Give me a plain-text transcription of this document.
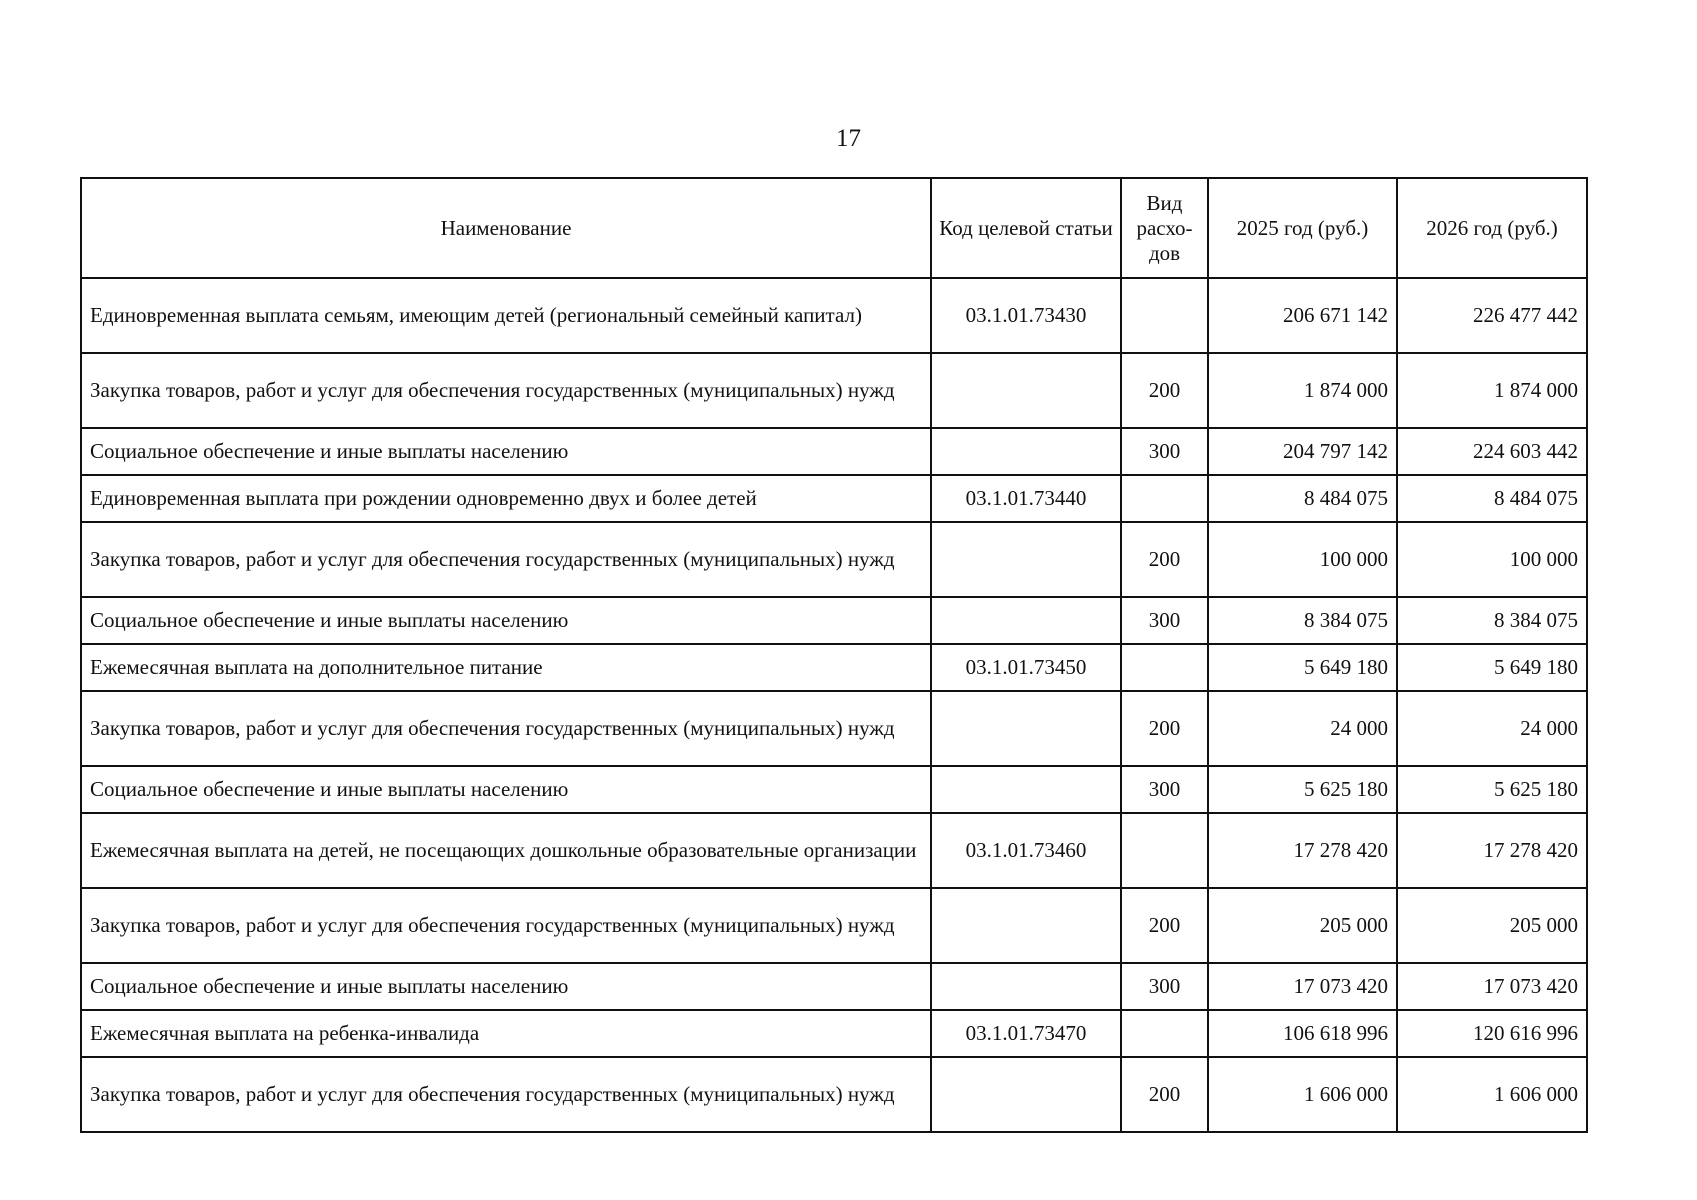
17
Наименование	Код целевой статьи	Вид расхо-дов	2025 год (руб.)	2026 год (руб.)
Единовременная выплата семьям, имеющим детей (региональный семейный капитал)	03.1.01.73430		206 671 142	226 477 442
Закупка товаров, работ и услуг для обеспечения государственных (муниципальных) нужд		200	1 874 000	1 874 000
Социальное обеспечение и иные выплаты населению		300	204 797 142	224 603 442
Единовременная выплата при рождении одновременно двух и более детей	03.1.01.73440		8 484 075	8 484 075
Закупка товаров, работ и услуг для обеспечения государственных (муниципальных) нужд		200	100 000	100 000
Социальное обеспечение и иные выплаты населению		300	8 384 075	8 384 075
Ежемесячная выплата на дополнительное питание	03.1.01.73450		5 649 180	5 649 180
Закупка товаров, работ и услуг для обеспечения государственных (муниципальных) нужд		200	24 000	24 000
Социальное обеспечение и иные выплаты населению		300	5 625 180	5 625 180
Ежемесячная выплата на детей, не посещающих дошкольные образовательные организации	03.1.01.73460		17 278 420	17 278 420
Закупка товаров, работ и услуг для обеспечения государственных (муниципальных) нужд		200	205 000	205 000
Социальное обеспечение и иные выплаты населению		300	17 073 420	17 073 420
Ежемесячная выплата на ребенка-инвалида	03.1.01.73470		106 618 996	120 616 996
Закупка товаров, работ и услуг для обеспечения государственных (муниципальных) нужд		200	1 606 000	1 606 000
